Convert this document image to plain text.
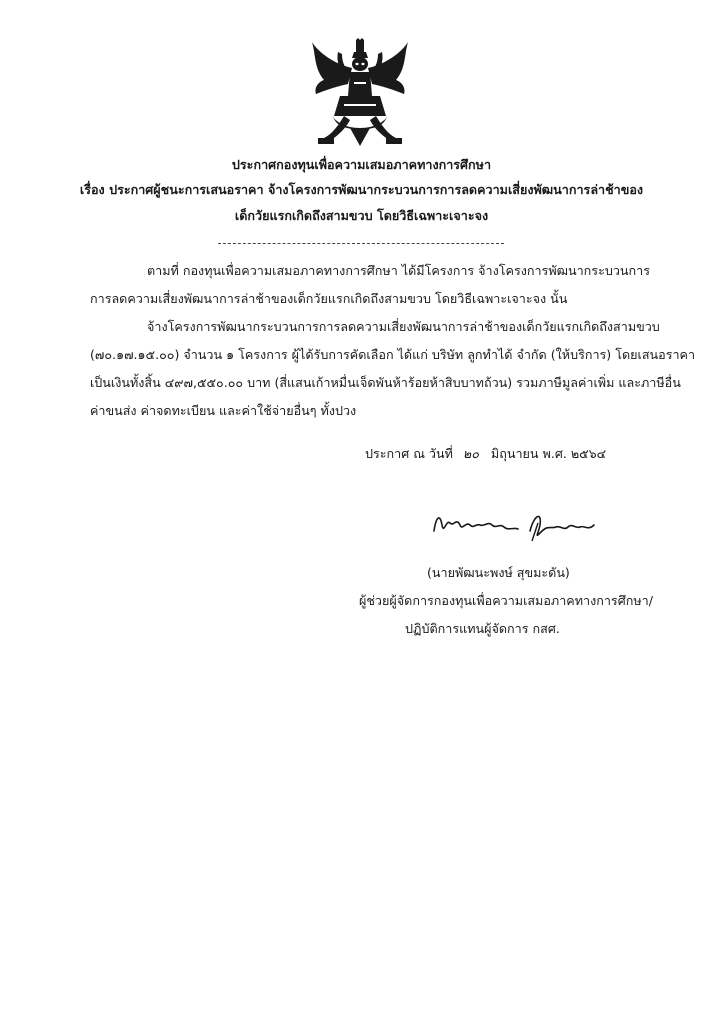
ประกาศกองทุนเพื่อความเสมอภาคทางการศึกษา
เรื่อง ประกาศผู้ชนะการเสนอราคา จ้างโครงการพัฒนากระบวนการการลดความเสี่ยงพัฒนาการล่าช้าของ
เด็กวัยแรกเกิดถึงสามขวบ โดยวิธีเฉพาะเจาะจง
ตามที่ กองทุนเพื่อความเสมอภาคทางการศึกษา ได้มีโครงการ จ้างโครงการพัฒนากระบวนการ
การลดความเสี่ยงพัฒนาการล่าช้าของเด็กวัยแรกเกิดถึงสามขวบ โดยวิธีเฉพาะเจาะจง นั้น
จ้างโครงการพัฒนากระบวนการการลดความเสี่ยงพัฒนาการล่าช้าของเด็กวัยแรกเกิดถึงสามขวบ
(๗๐.๑๗.๑๕.๐๐) จำนวน ๑ โครงการ ผู้ได้รับการคัดเลือก ได้แก่ บริษัท ลูกทำได้ จำกัด (ให้บริการ) โดยเสนอราคา
เป็นเงินทั้งสิ้น ๔๙๗,๕๕๐.๐๐ บาท (สี่แสนเก้าหมื่นเจ็ดพันห้าร้อยห้าสิบบาทถ้วน) รวมภาษีมูลค่าเพิ่ม และภาษีอื่น
ค่าขนส่ง ค่าจดทะเบียน และค่าใช้จ่ายอื่นๆ ทั้งปวง
ประกาศ ณ วันที่ ๒๐ มิถุนายน พ.ศ. ๒๕๖๔
(นายพัฒนะพงษ์ สุขมะดัน)
ผู้ช่วยผู้จัดการกองทุนเพื่อความเสมอภาคทางการศึกษา/
ปฏิบัติการแทนผู้จัดการ กสศ.
